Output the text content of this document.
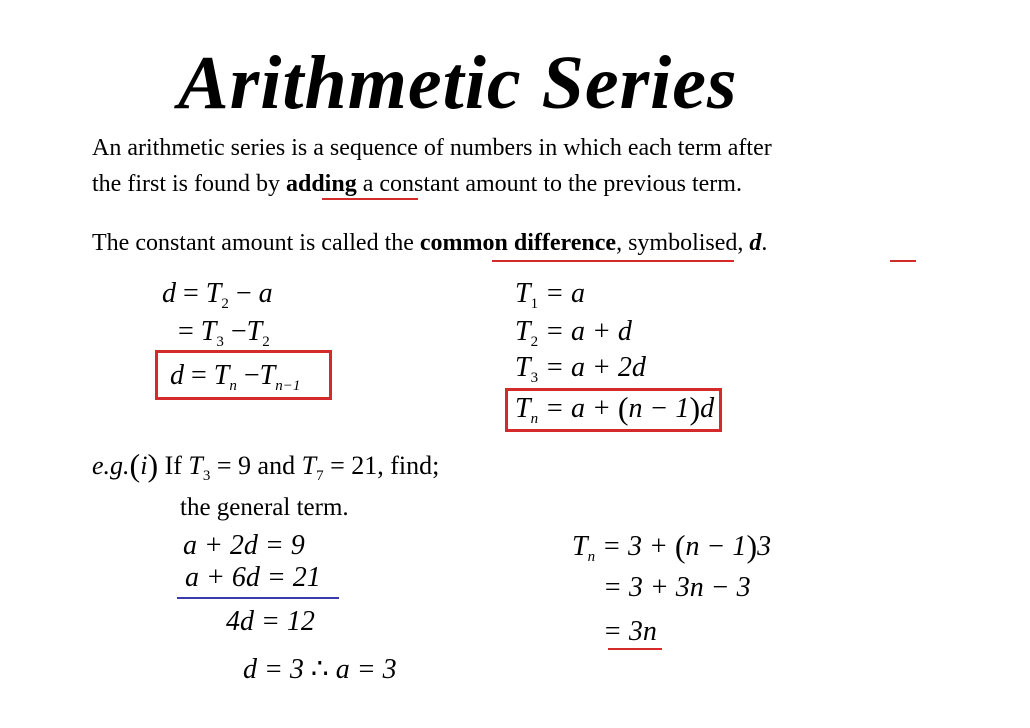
Arithmetic Series
An arithmetic series is a sequence of numbers in which each term after
the first is found by adding a constant amount to the previous term.
The constant amount is called the common difference, symbolised, d.
$d = T_2 - a$
= $T_3 -T_2$
$d = T_n -T_{n-1}$
$T_1 = a$
$T_2 = a + d$
$T_3 = a + 2d$
$T_n = a + (n - 1)d$
e.g.(i) If $T_3 = 9$ and $T_7 = 21$, find;
the general term.
a + 2d = 9
a + 6d = 21
4d = 12
d = 3 ∴ a = 3
$T_n = 3 + (n - 1)3$
= 3 + 3n − 3
= 3n
